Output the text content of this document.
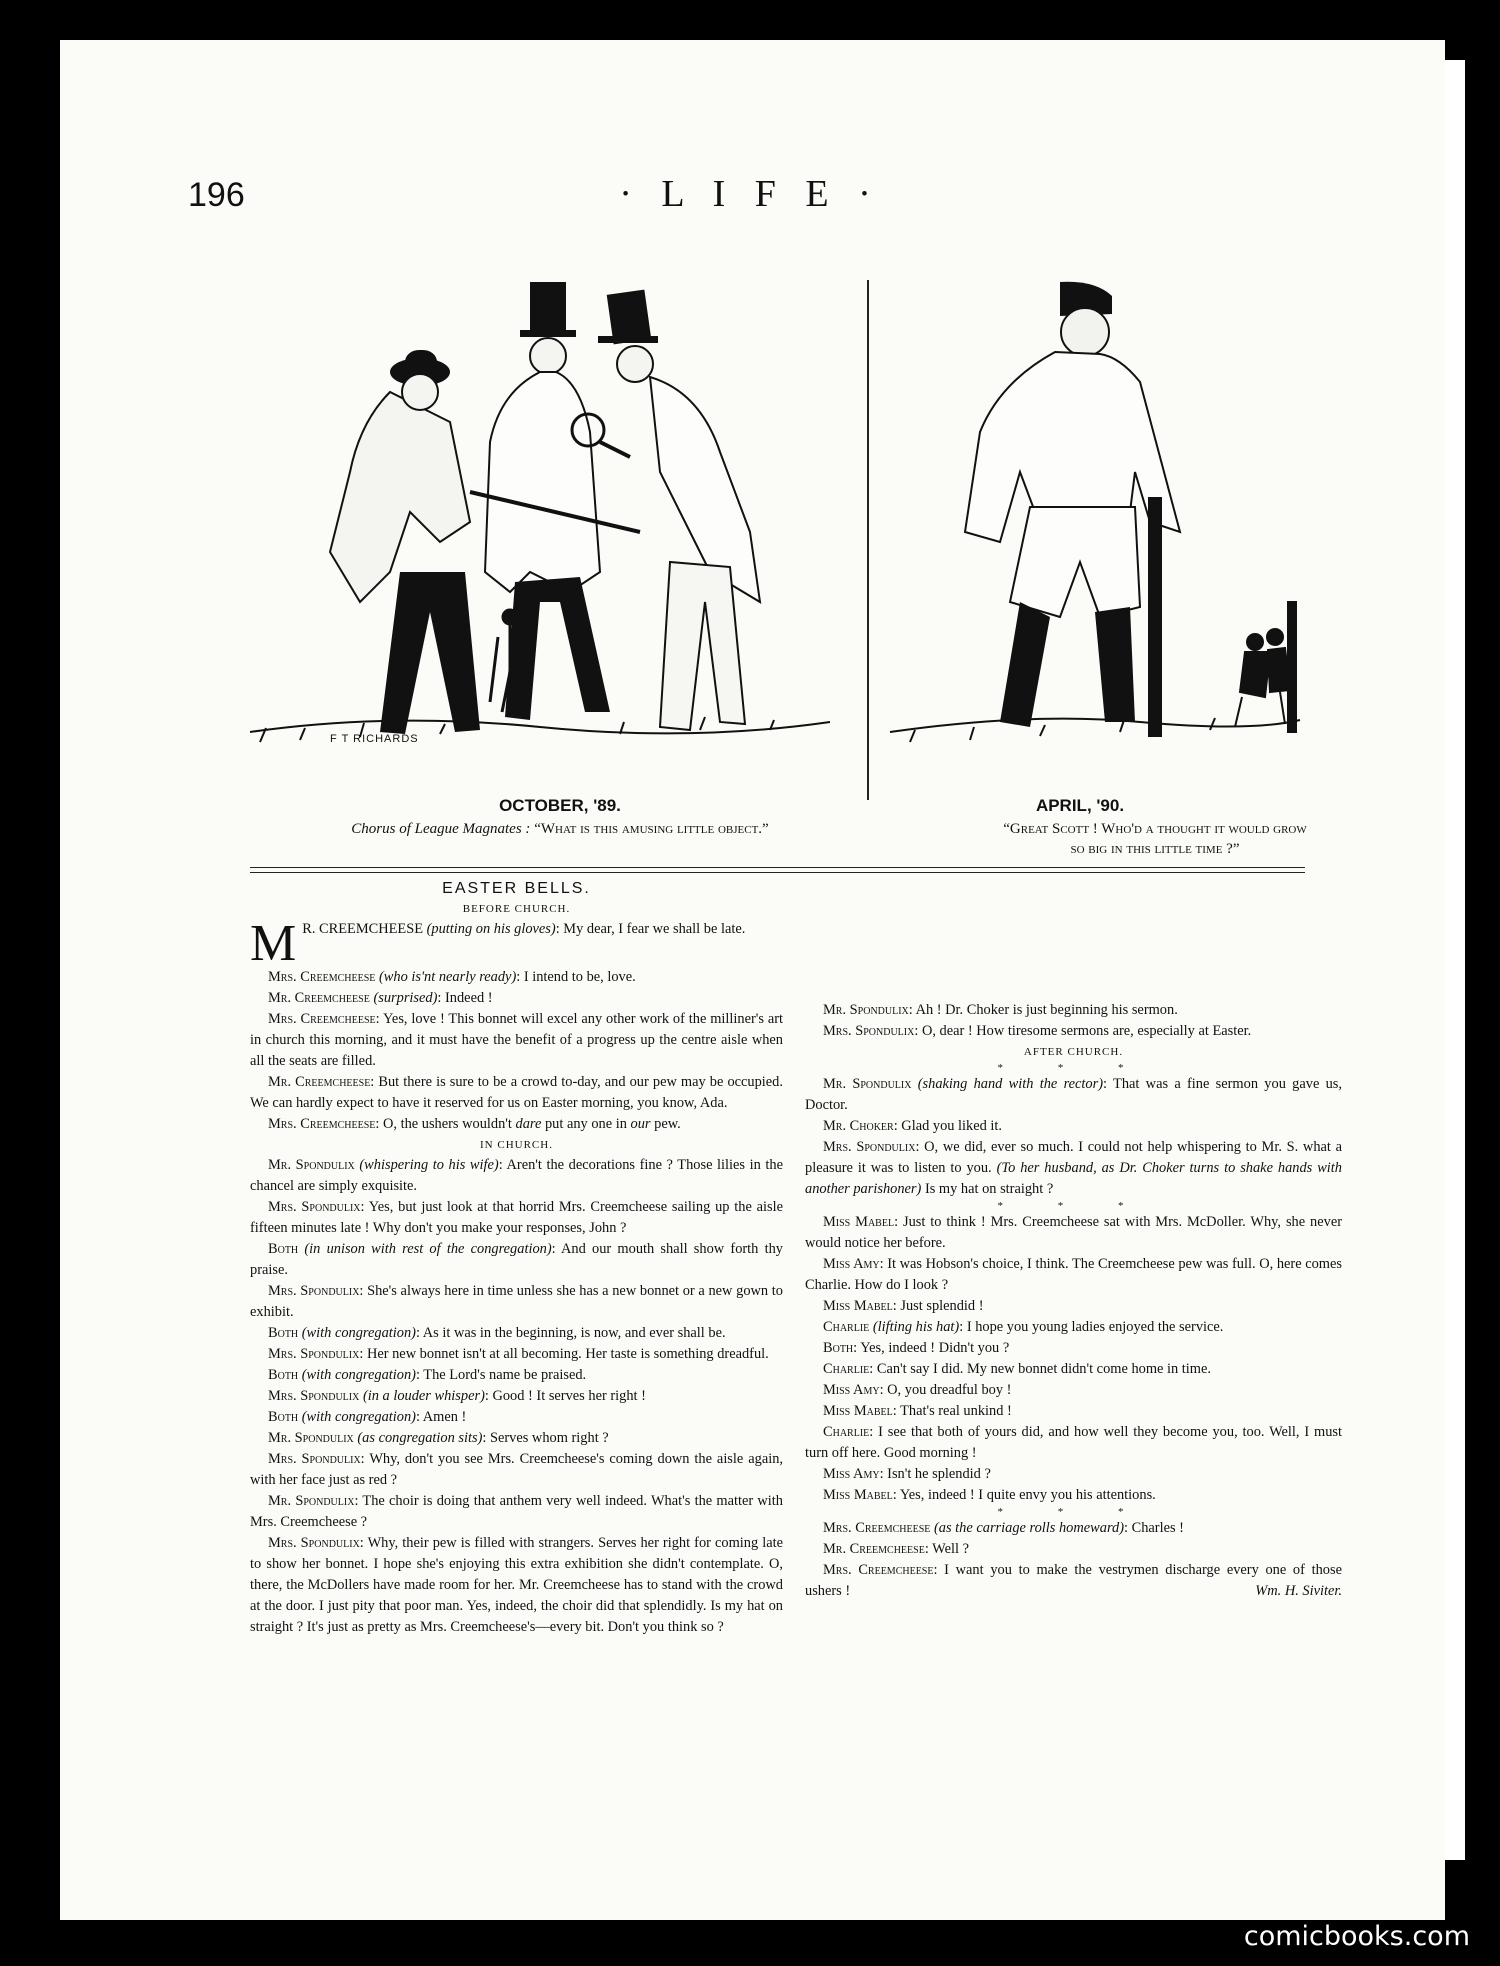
196	· L I F E ·
F T RICHARDS
OCTOBER, '89.
Chorus of League Magnates : “What is this amusing little object.”
APRIL, '90.
“Great Scott ! Who'd a thought it would grow
so big in this little time ?”

EASTER BELLS.

BEFORE CHURCH.

M R. CREEMCHEESE (putting on his gloves): My dear, I fear we shall be late.

Mrs. Creemcheese (who is'nt nearly ready): I intend to be, love.

Mr. Creemcheese (surprised): Indeed !

Mrs. Creemcheese: Yes, love ! This bonnet will excel any other work of the milliner's art in church this morning, and it must have the benefit of a progress up the centre aisle when all the seats are filled.

Mr. Creemcheese: But there is sure to be a crowd to-day, and our pew may be occupied. We can hardly expect to have it reserved for us on Easter morning, you know, Ada.

Mrs. Creemcheese: O, the ushers wouldn't dare put any one in our pew.

IN CHURCH.

Mr. Spondulix (whispering to his wife): Aren't the decorations fine ? Those lilies in the chancel are simply exquisite.

Mrs. Spondulix: Yes, but just look at that horrid Mrs. Creemcheese sailing up the aisle fifteen minutes late ! Why don't you make your responses, John ?

Both (in unison with rest of the congregation): And our mouth shall show forth thy praise.

Mrs. Spondulix: She's always here in time unless she has a new bonnet or a new gown to exhibit.

Both (with congregation): As it was in the beginning, is now, and ever shall be.

Mrs. Spondulix: Her new bonnet isn't at all becoming. Her taste is something dreadful.

Both (with congregation): The Lord's name be praised.

Mrs. Spondulix (in a louder whisper): Good ! It serves her right !

Both (with congregation): Amen !

Mr. Spondulix (as congregation sits): Serves whom right ?

Mrs. Spondulix: Why, don't you see Mrs. Creemcheese's coming down the aisle again, with her face just as red ?

Mr. Spondulix: The choir is doing that anthem very well indeed. What's the matter with Mrs. Creemcheese ?

Mrs. Spondulix: Why, their pew is filled with strangers. Serves her right for coming late to show her bonnet. I hope she's enjoying this extra exhibition she didn't contemplate. O, there, the McDollers have made room for her. Mr. Creemcheese has to stand with the crowd at the door. I just pity that poor man. Yes, indeed, the choir did that splendidly. Is my hat on straight ? It's just as pretty as Mrs. Creemcheese's—every bit. Don't you think so ?

Mr. Spondulix: Ah ! Dr. Choker is just beginning his sermon.

Mrs. Spondulix: O, dear ! How tiresome sermons are, especially at Easter.

AFTER CHURCH.

* * *

Mr. Spondulix (shaking hand with the rector): That was a fine sermon you gave us, Doctor.

Mr. Choker: Glad you liked it.

Mrs. Spondulix: O, we did, ever so much. I could not help whispering to Mr. S. what a pleasure it was to listen to you. (To her husband, as Dr. Choker turns to shake hands with another parishoner) Is my hat on straight ?

* * *

Miss Mabel: Just to think ! Mrs. Creemcheese sat with Mrs. McDoller. Why, she never would notice her before.

Miss Amy: It was Hobson's choice, I think. The Creemcheese pew was full. O, here comes Charlie. How do I look ?

Miss Mabel: Just splendid !

Charlie (lifting his hat): I hope you young ladies enjoyed the service.

Both: Yes, indeed ! Didn't you ?

Charlie: Can't say I did. My new bonnet didn't come home in time.

Miss Amy: O, you dreadful boy !

Miss Mabel: That's real unkind !

Charlie: I see that both of yours did, and how well they become you, too. Well, I must turn off here. Good morning !

Miss Amy: Isn't he splendid ?

Miss Mabel: Yes, indeed ! I quite envy you his attentions.

* * *

Mrs. Creemcheese (as the carriage rolls homeward): Charles !

Mr. Creemcheese: Well ?

Mrs. Creemcheese: I want you to make the vestrymen discharge every one of those ushers !	Wm. H. Siviter.

comicbooks.com
